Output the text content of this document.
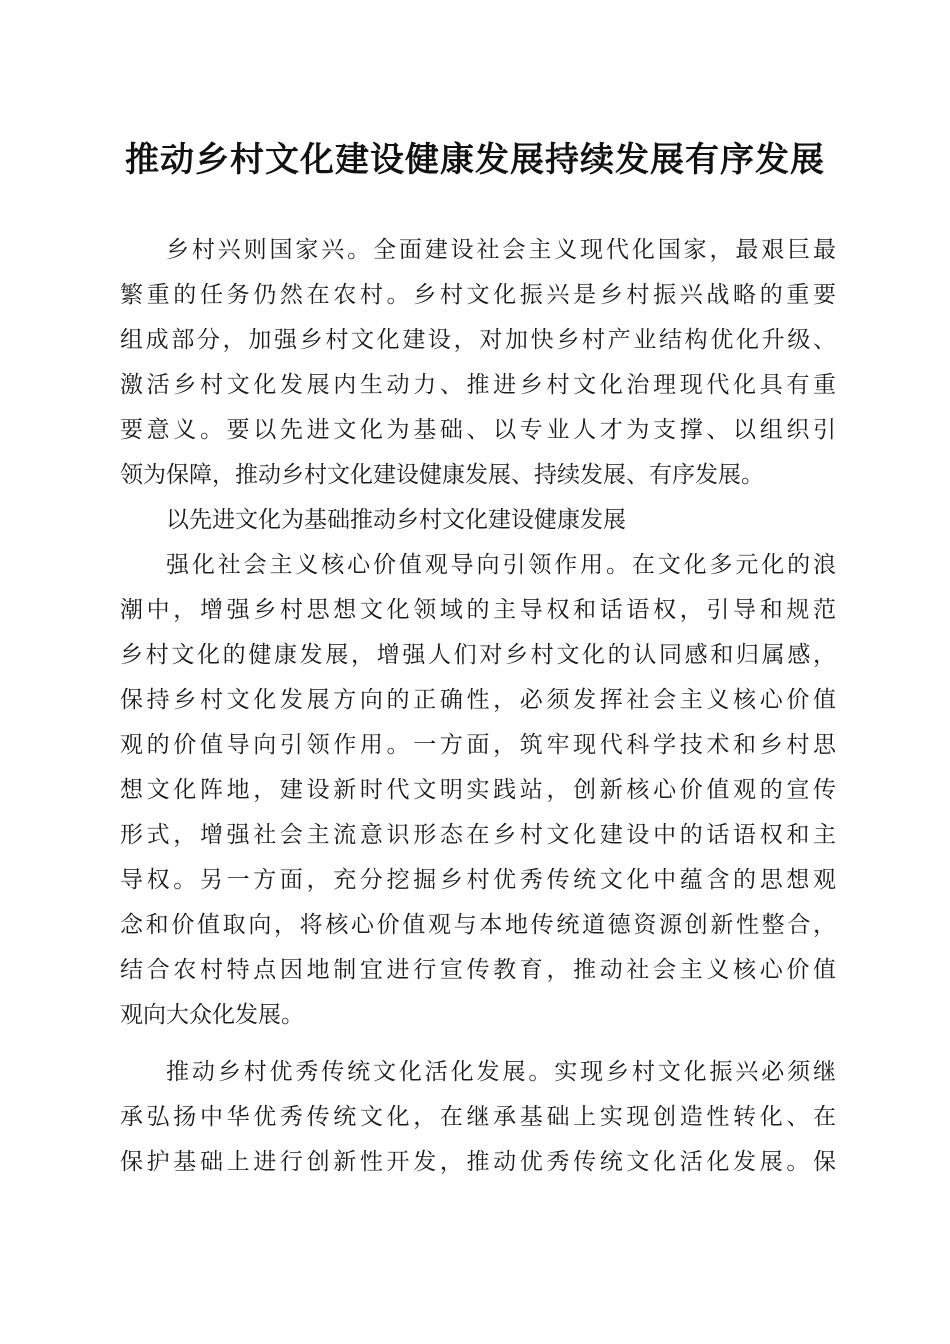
推动乡村文化建设健康发展持续发展有序发展
乡村兴则国家兴。全面建设社会主义现代化国家，最艰巨最
繁重的任务仍然在农村。乡村文化振兴是乡村振兴战略的重要
组成部分，加强乡村文化建设，对加快乡村产业结构优化升级、
激活乡村文化发展内生动力、推进乡村文化治理现代化具有重
要意义。要以先进文化为基础、以专业人才为支撑、以组织引
领为保障，推动乡村文化建设健康发展、持续发展、有序发展。
以先进文化为基础推动乡村文化建设健康发展
强化社会主义核心价值观导向引领作用。在文化多元化的浪
潮中，增强乡村思想文化领域的主导权和话语权，引导和规范
乡村文化的健康发展，增强人们对乡村文化的认同感和归属感，
保持乡村文化发展方向的正确性，必须发挥社会主义核心价值
观的价值导向引领作用。一方面，筑牢现代科学技术和乡村思
想文化阵地，建设新时代文明实践站，创新核心价值观的宣传
形式，增强社会主流意识形态在乡村文化建设中的话语权和主
导权。另一方面，充分挖掘乡村优秀传统文化中蕴含的思想观
念和价值取向，将核心价值观与本地传统道德资源创新性整合，
结合农村特点因地制宜进行宣传教育，推动社会主义核心价值
观向大众化发展。
推动乡村优秀传统文化活化发展。实现乡村文化振兴必须继
承弘扬中华优秀传统文化，在继承基础上实现创造性转化、在
保护基础上进行创新性开发，推动优秀传统文化活化发展。保
